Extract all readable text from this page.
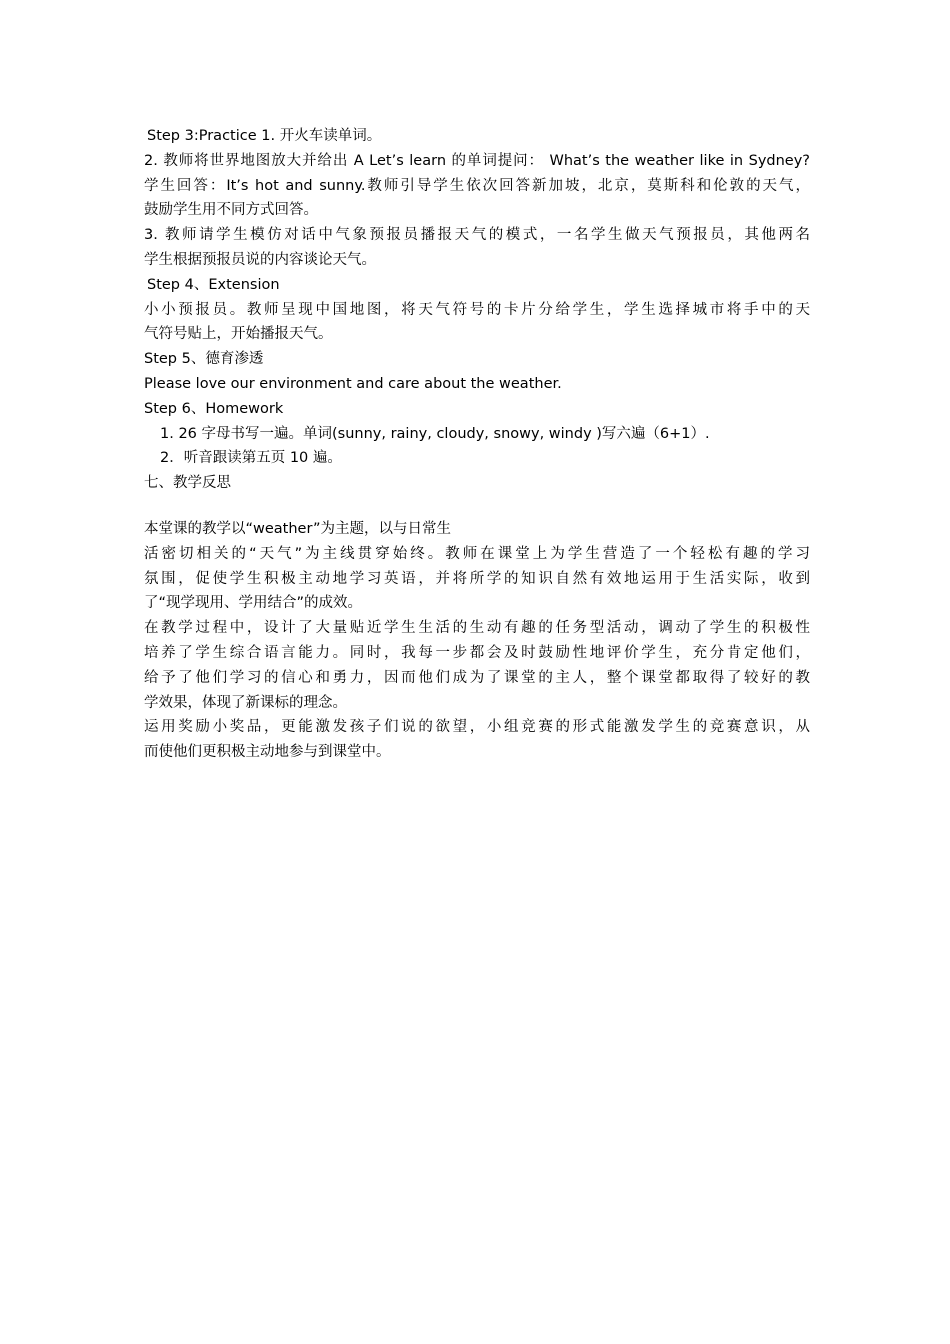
Step 3:Practice 1. 开火车读单词。

2. 教师将世界地图放大并给出 A Let’s learn 的单词提问： What’s the weather like in Sydney?

学生回答：It’s hot and sunny.教师引导学生依次回答新加坡，北京，莫斯科和伦敦的天气，

鼓励学生用不同方式回答。

3. 教师请学生模仿对话中气象预报员播报天气的模式，一名学生做天气预报员，其他两名

学生根据预报员说的内容谈论天气。

Step 4、Extension

小小预报员。教师呈现中国地图，将天气符号的卡片分给学生，学生选择城市将手中的天

气符号贴上，开始播报天气。

Step 5、德育渗透

Please love our environment and care about the weather.

Step 6、Homework

1. 26 字母书写一遍。单词(sunny, rainy, cloudy, snowy, windy )写六遍（6+1）.

2．听音跟读第五页 10 遍。

七、教学反思

本堂课的教学以“weather”为主题，以与日常生

活密切相关的“天气”为主线贯穿始终。教师在课堂上为学生营造了一个轻松有趣的学习

氛围，促使学生积极主动地学习英语，并将所学的知识自然有效地运用于生活实际，收到

了“现学现用、学用结合”的成效。

在教学过程中，设计了大量贴近学生生活的生动有趣的任务型活动，调动了学生的积极性

培养了学生综合语言能力。同时，我每一步都会及时鼓励性地评价学生，充分肯定他们，

给予了他们学习的信心和勇力，因而他们成为了课堂的主人，整个课堂都取得了较好的教

学效果，体现了新课标的理念。

运用奖励小奖品，更能激发孩子们说的欲望，小组竞赛的形式能激发学生的竞赛意识，从

而使他们更积极主动地参与到课堂中。
